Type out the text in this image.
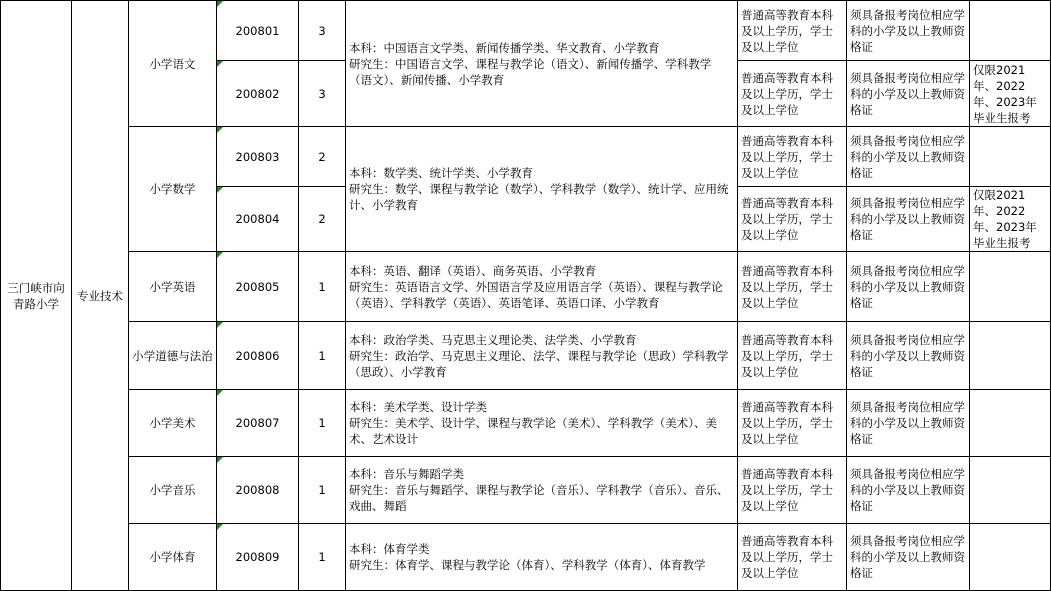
三门峡市向青路小学	专业技术	小学语文	200801	3	本科：中国语言文学类、新闻传播学类、华文教育、小学教育
研究生：中国语言文学、课程与教学论（语文）、新闻传播学、学科教学（语文）、新闻传播、小学教育	普通高等教育本科及以上学历，学士及以上学位	须具备报考岗位相应学科的小学及以上教师资格证	
			200802	3		普通高等教育本科及以上学历，学士及以上学位	须具备报考岗位相应学科的小学及以上教师资格证	仅限2021年、2022年、2023年毕业生报考
		小学数学	200803	2	本科：数学类、统计学类、小学教育
研究生：数学、课程与教学论（数学）、学科教学（数学）、统计学、应用统计、小学教育	普通高等教育本科及以上学历，学士及以上学位	须具备报考岗位相应学科的小学及以上教师资格证	
			200804	2		普通高等教育本科及以上学历，学士及以上学位	须具备报考岗位相应学科的小学及以上教师资格证	仅限2021年、2022年、2023年毕业生报考
		小学英语	200805	1	本科：英语、翻译（英语）、商务英语、小学教育
研究生：英语语言文学、外国语言学及应用语言学（英语）、课程与教学论（英语）、学科教学（英语）、英语笔译、英语口译、小学教育	普通高等教育本科及以上学历，学士及以上学位	须具备报考岗位相应学科的小学及以上教师资格证	
		小学道德与法治	200806	1	本科：政治学类、马克思主义理论类、法学类、小学教育
研究生：政治学、马克思主义理论、法学、课程与教学论（思政）学科教学（思政）、小学教育	普通高等教育本科及以上学历，学士及以上学位	须具备报考岗位相应学科的小学及以上教师资格证	
		小学美术	200807	1	本科：美术学类、设计学类
研究生：美术学、设计学、课程与教学论（美术）、学科教学（美术）、美术、艺术设计	普通高等教育本科及以上学历，学士及以上学位	须具备报考岗位相应学科的小学及以上教师资格证	
		小学音乐	200808	1	本科：音乐与舞蹈学类
研究生：音乐与舞蹈学、课程与教学论（音乐）、学科教学（音乐）、音乐、戏曲、舞蹈	普通高等教育本科及以上学历，学士及以上学位	须具备报考岗位相应学科的小学及以上教师资格证	
		小学体育	200809	1	本科：体育学类
研究生：体育学、课程与教学论（体育）、学科教学（体育）、体育教学	普通高等教育本科及以上学历，学士及以上学位	须具备报考岗位相应学科的小学及以上教师资格证	
